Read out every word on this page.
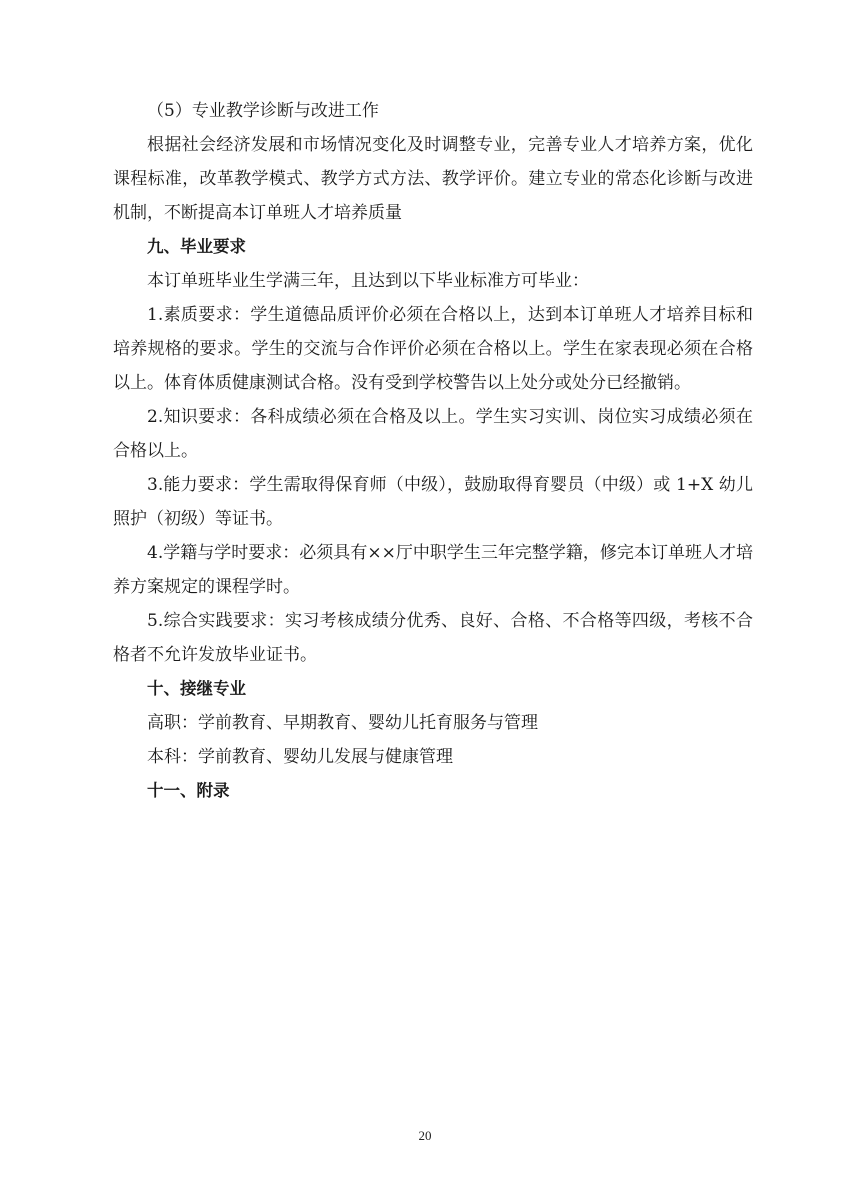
（5）专业教学诊断与改进工作

根据社会经济发展和市场情况变化及时调整专业，完善专业人才培养方案，优化课程标准，改革教学模式、教学方式方法、教学评价。建立专业的常态化诊断与改进机制，不断提高本订单班人才培养质量

九、毕业要求

本订单班毕业生学满三年，且达到以下毕业标准方可毕业：

1.素质要求：学生道德品质评价必须在合格以上，达到本订单班人才培养目标和培养规格的要求。学生的交流与合作评价必须在合格以上。学生在家表现必须在合格以上。体育体质健康测试合格。没有受到学校警告以上处分或处分已经撤销。

2.知识要求：各科成绩必须在合格及以上。学生实习实训、岗位实习成绩必须在合格以上。

3.能力要求：学生需取得保育师（中级），鼓励取得育婴员（中级）或 1+X 幼儿照护（初级）等证书。

4.学籍与学时要求：必须具有××厅中职学生三年完整学籍，修完本订单班人才培养方案规定的课程学时。

5.综合实践要求：实习考核成绩分优秀、良好、合格、不合格等四级，考核不合格者不允许发放毕业证书。

十、接继专业

高职：学前教育、早期教育、婴幼儿托育服务与管理

本科：学前教育、婴幼儿发展与健康管理

十一、附录

20
